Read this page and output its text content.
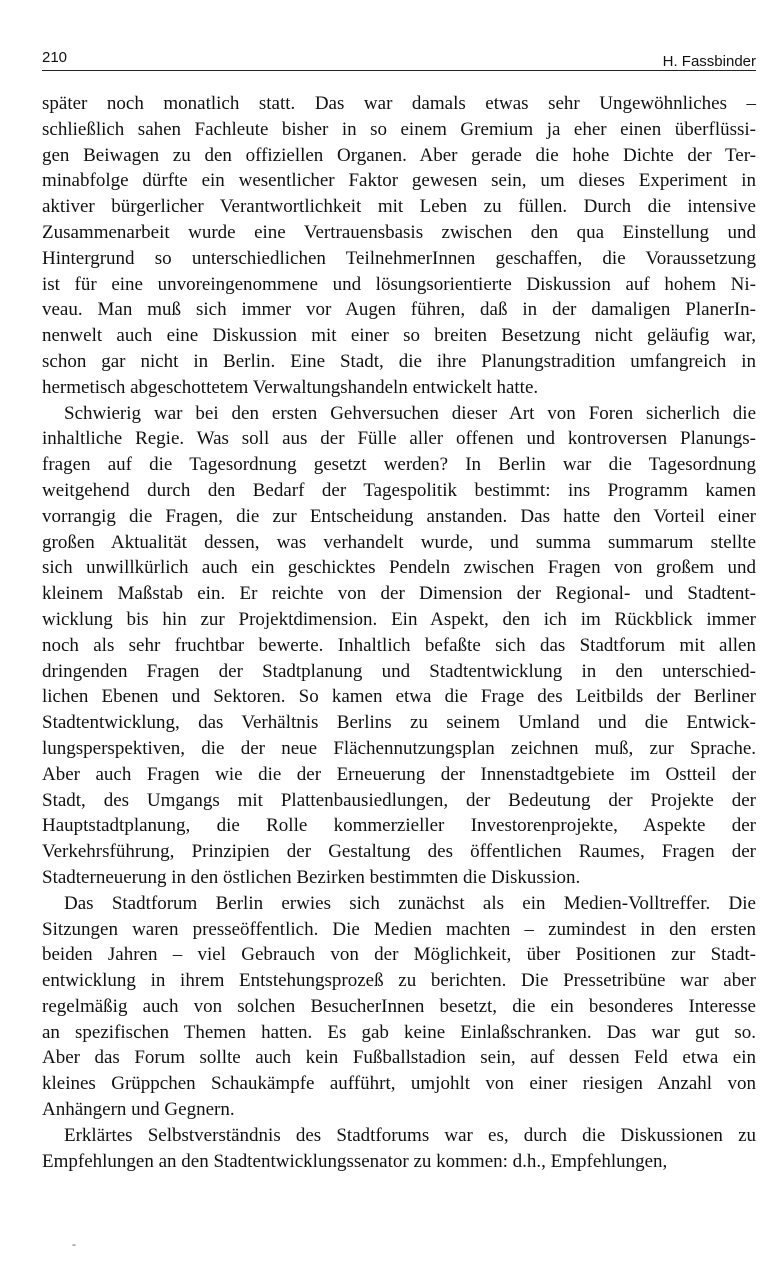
210	H. Fassbinder
später noch monatlich statt. Das war damals etwas sehr Ungewöhnliches –
schließlich sahen Fachleute bisher in so einem Gremium ja eher einen überflüssi-
gen Beiwagen zu den offiziellen Organen. Aber gerade die hohe Dichte der Ter-
minabfolge dürfte ein wesentlicher Faktor gewesen sein, um dieses Experiment in
aktiver bürgerlicher Verantwortlichkeit mit Leben zu füllen. Durch die intensive
Zusammenarbeit wurde eine Vertrauensbasis zwischen den qua Einstellung und
Hintergrund so unterschiedlichen TeilnehmerInnen geschaffen, die Voraussetzung
ist für eine unvoreingenommene und lösungsorientierte Diskussion auf hohem Ni-
veau. Man muß sich immer vor Augen führen, daß in der damaligen PlanerIn-
nenwelt auch eine Diskussion mit einer so breiten Besetzung nicht geläufig war,
schon gar nicht in Berlin. Eine Stadt, die ihre Planungstradition umfangreich in
hermetisch abgeschottetem Verwaltungshandeln entwickelt hatte.
Schwierig war bei den ersten Gehversuchen dieser Art von Foren sicherlich die
inhaltliche Regie. Was soll aus der Fülle aller offenen und kontroversen Planungs-
fragen auf die Tagesordnung gesetzt werden? In Berlin war die Tagesordnung
weitgehend durch den Bedarf der Tagespolitik bestimmt: ins Programm kamen
vorrangig die Fragen, die zur Entscheidung anstanden. Das hatte den Vorteil einer
großen Aktualität dessen, was verhandelt wurde, und summa summarum stellte
sich unwillkürlich auch ein geschicktes Pendeln zwischen Fragen von großem und
kleinem Maßstab ein. Er reichte von der Dimension der Regional- und Stadtent-
wicklung bis hin zur Projektdimension. Ein Aspekt, den ich im Rückblick immer
noch als sehr fruchtbar bewerte. Inhaltlich befaßte sich das Stadtforum mit allen
dringenden Fragen der Stadtplanung und Stadtentwicklung in den unterschied-
lichen Ebenen und Sektoren. So kamen etwa die Frage des Leitbilds der Berliner
Stadtentwicklung, das Verhältnis Berlins zu seinem Umland und die Entwick-
lungsperspektiven, die der neue Flächennutzungsplan zeichnen muß, zur Sprache.
Aber auch Fragen wie die der Erneuerung der Innenstadtgebiete im Ostteil der
Stadt, des Umgangs mit Plattenbausiedlungen, der Bedeutung der Projekte der
Hauptstadtplanung, die Rolle kommerzieller Investorenprojekte, Aspekte der
Verkehrsführung, Prinzipien der Gestaltung des öffentlichen Raumes, Fragen der
Stadterneuerung in den östlichen Bezirken bestimmten die Diskussion.
Das Stadtforum Berlin erwies sich zunächst als ein Medien-Volltreffer. Die
Sitzungen waren presseöffentlich. Die Medien machten – zumindest in den ersten
beiden Jahren – viel Gebrauch von der Möglichkeit, über Positionen zur Stadt-
entwicklung in ihrem Entstehungsprozeß zu berichten. Die Pressetribüne war aber
regelmäßig auch von solchen BesucherInnen besetzt, die ein besonderes Interesse
an spezifischen Themen hatten. Es gab keine Einlaßschranken. Das war gut so.
Aber das Forum sollte auch kein Fußballstadion sein, auf dessen Feld etwa ein
kleines Grüppchen Schaukämpfe aufführt, umjohlt von einer riesigen Anzahl von
Anhängern und Gegnern.
Erklärtes Selbstverständnis des Stadtforums war es, durch die Diskussionen zu
Empfehlungen an den Stadtentwicklungssenator zu kommen: d.h., Empfehlungen,
-
